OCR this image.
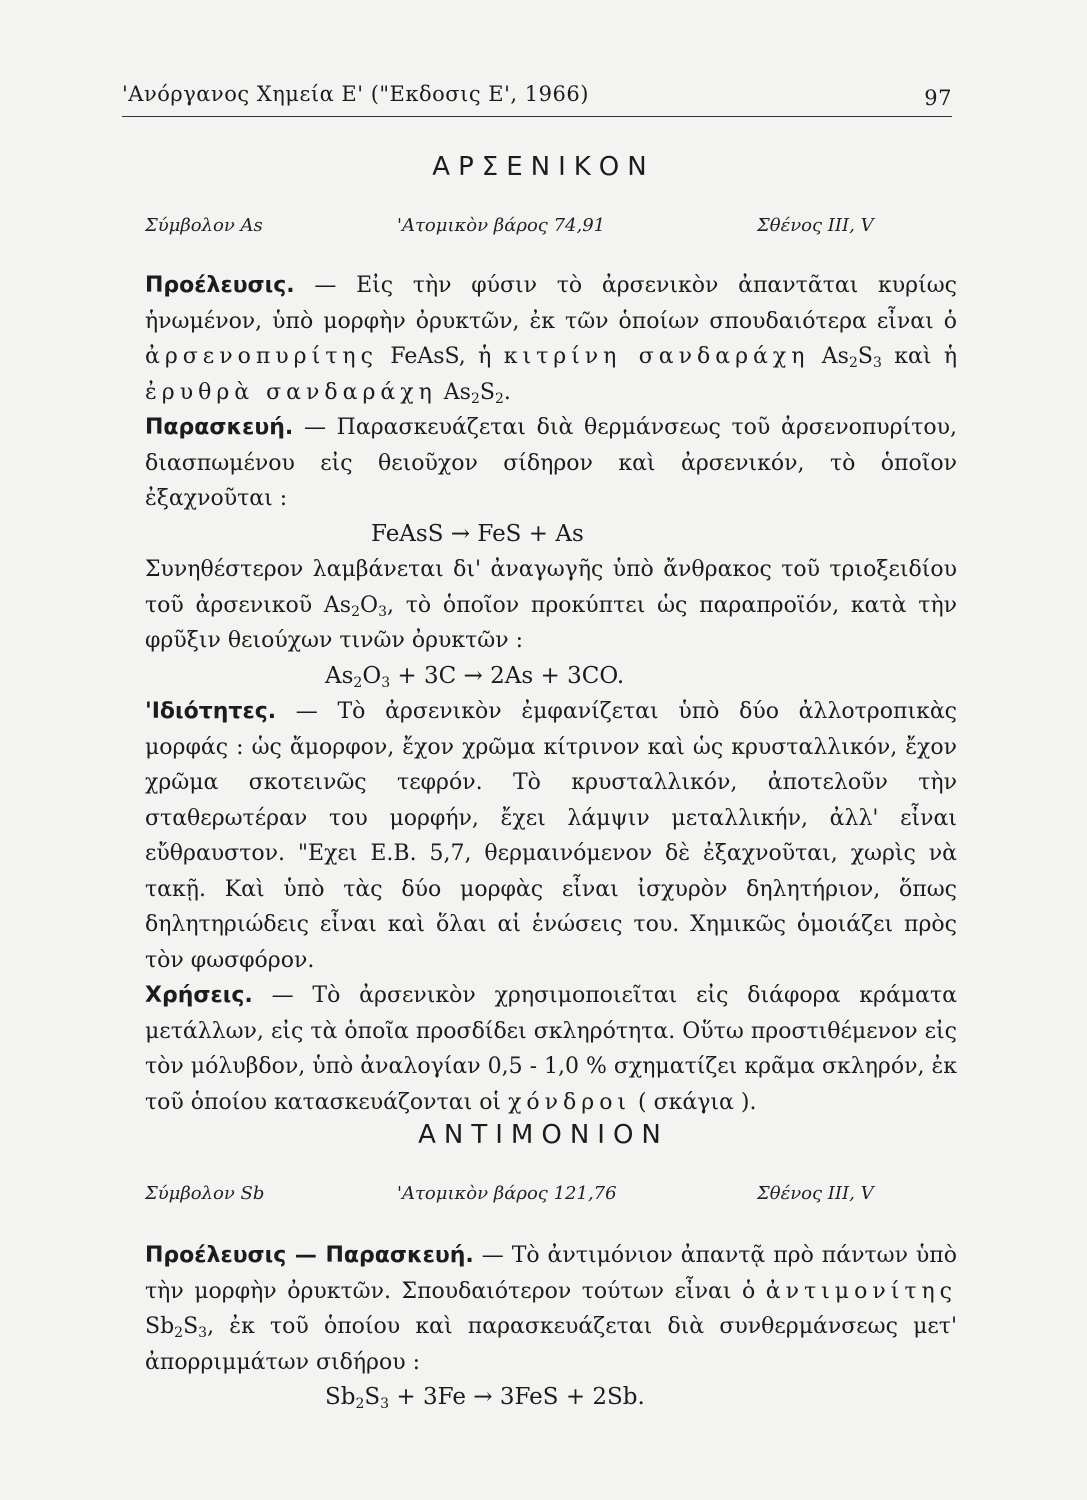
'Ανόργανος Χημεία Ε' ("Εκδοσις Ε', 1966)	97
ΑΡΣΕΝΙΚΟΝ
Σύμβολον As	'Ατομικὸν βάρος 74,91	Σθένος III, V
Προέλευσις. — Εἰς τὴν φύσιν τὸ ἀρσενικὸν ἀπαντᾶται κυρίως ἡνωμένον, ὑπὸ μορφὴν ὀρυκτῶν, ἐκ τῶν ὁποίων σπουδαιότερα εἶναι ὁ ἀρσενοπυρίτης FeAsS, ἡ κιτρίνη σανδαράχη $As_2S_3$ καὶ ἡ ἐρυθρὰ σανδαράχη $As_2S_2$.
Παρασκευή. — Παρασκευάζεται διὰ θερμάνσεως τοῦ ἀρσενοπυρίτου, διασπωμένου εἰς θειοῦχον σίδηρον καὶ ἀρσενικόν, τὸ ὁποῖον ἐξαχνοῦται :
FeAsS → FeS + As
Συνηθέστερον λαμβάνεται δι' ἀναγωγῆς ὑπὸ ἄνθρακος τοῦ τριοξειδίου τοῦ ἀρσενικοῦ $As_2O_3$, τὸ ὁποῖον προκύπτει ὡς παραπροϊόν, κατὰ τὴν φρῦξιν θειούχων τινῶν ὀρυκτῶν :
$As_2O_3 + 3C \to 2As + 3CO$.
'Ιδιότητες. — Τὸ ἀρσενικὸν ἐμφανίζεται ὑπὸ δύο ἀλλοτροπικὰς μορφάς : ὡς ἄμορφον, ἔχον χρῶμα κίτρινον καὶ ὡς κρυσταλλικόν, ἔχον χρῶμα σκοτεινῶς τεφρόν. Τὸ κρυσταλλικόν, ἀποτελοῦν τὴν σταθερωτέραν του μορφήν, ἔχει λάμψιν μεταλλικήν, ἀλλ' εἶναι εὔθραυστον. "Εχει Ε.Β. 5,7, θερμαινόμενον δὲ ἐξαχνοῦται, χωρὶς νὰ τακῇ. Καὶ ὑπὸ τὰς δύο μορφὰς εἶναι ἰσχυρὸν δηλητήριον, ὅπως δηλητηριώδεις εἶναι καὶ ὅλαι αἱ ἑνώσεις του. Χημικῶς ὁμοιάζει πρὸς τὸν φωσφόρον.
Χρήσεις. — Τὸ ἀρσενικὸν χρησιμοποιεῖται εἰς διάφορα κράματα μετάλλων, εἰς τὰ ὁποῖα προσδίδει σκληρότητα. Οὕτω προστιθέμενον εἰς τὸν μόλυβδον, ὑπὸ ἀναλογίαν 0,5 - 1,0 % σχηματίζει κρᾶμα σκληρόν, ἐκ τοῦ ὁποίου κατασκευάζονται οἱ χόνδροι ( σκάγια ).
ΑΝΤΙΜΟΝΙΟΝ
Σύμβολον Sb	'Ατομικὸν βάρος 121,76	Σθένος III, V
Προέλευσις — Παρασκευή. — Τὸ ἀντιμόνιον ἀπαντᾷ πρὸ πάντων ὑπὸ τὴν μορφὴν ὀρυκτῶν. Σπουδαιότερον τούτων εἶναι ὁ ἀντιμονίτης $Sb_2S_3$, ἐκ τοῦ ὁποίου καὶ παρασκευάζεται διὰ συνθερμάνσεως μετ' ἀπορριμμάτων σιδήρου :
$Sb_2S_3 + 3Fe \to 3FeS + 2Sb$.
